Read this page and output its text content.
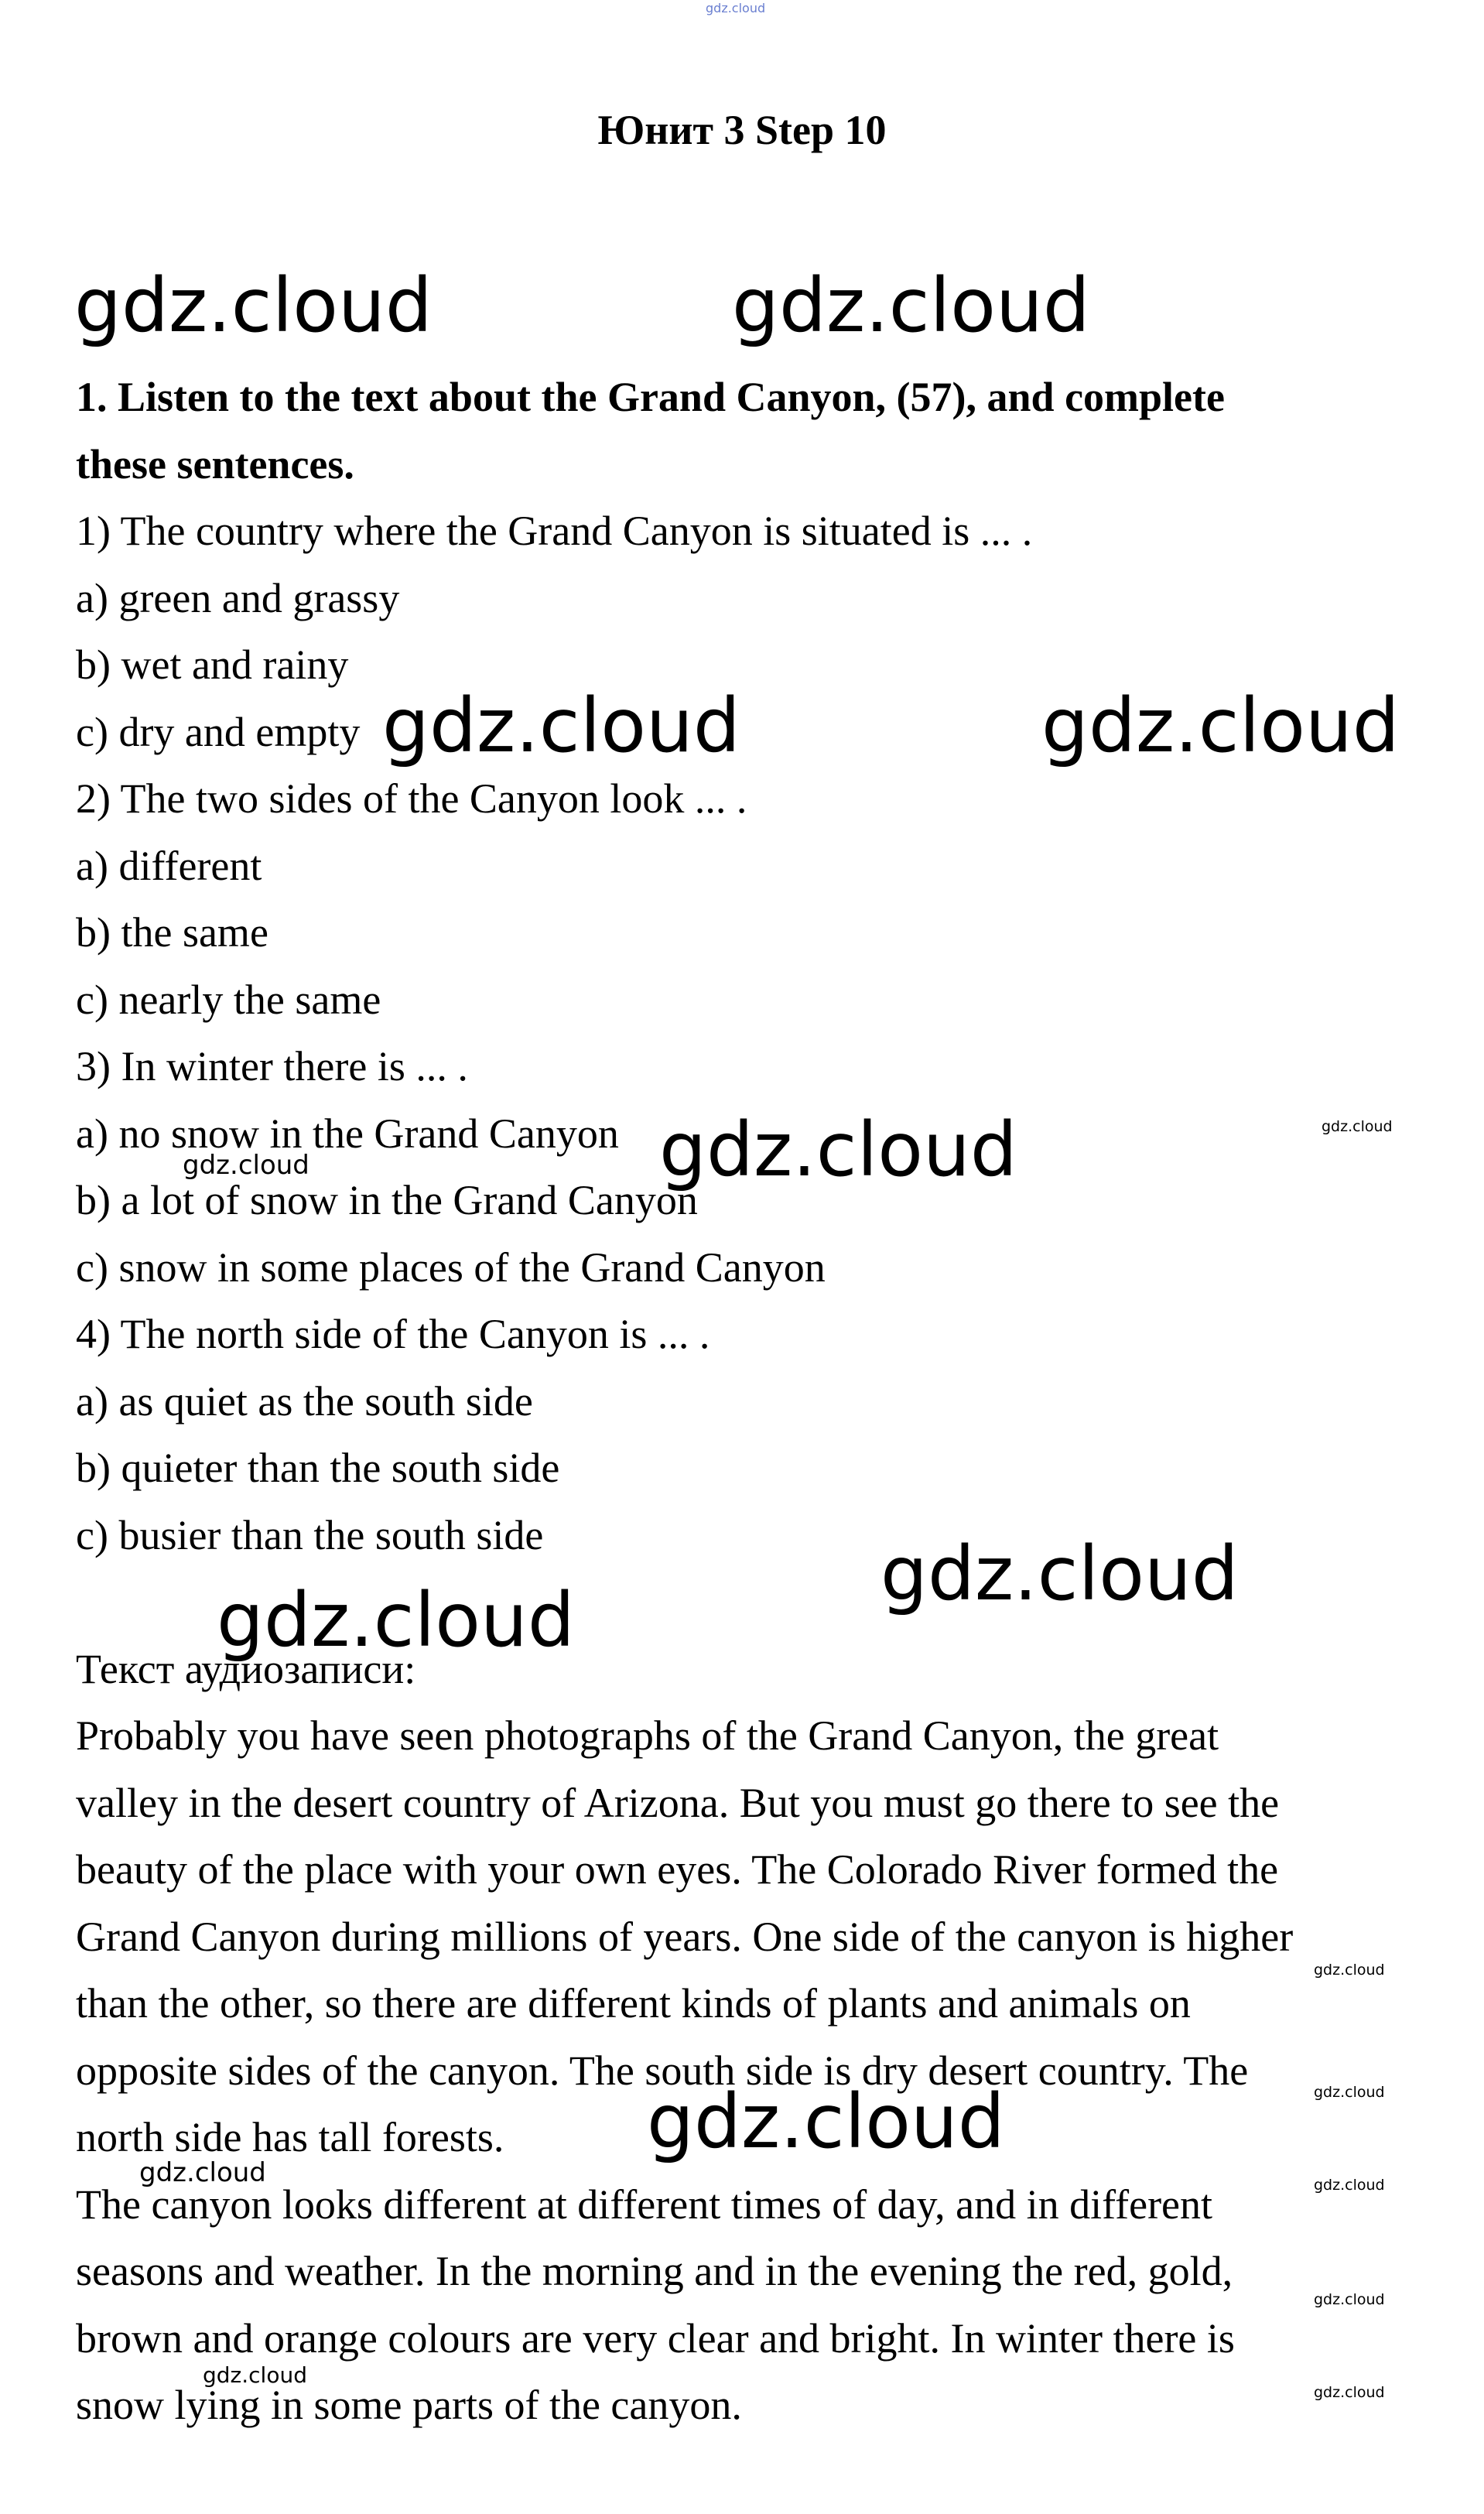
Юнит 3 Step 10
1. Listen to the text about the Grand Canyon, (57), and complete
these sentences.
1) The country where the Grand Canyon is situated is ... .
a) green and grassy
b) wet and rainy
c) dry and empty
2) The two sides of the Canyon look ... .
a) different
b) the same
c) nearly the same
3) In winter there is ... .
a) no snow in the Grand Canyon
b) a lot of snow in the Grand Canyon
c) snow in some places of the Grand Canyon
4) The north side of the Canyon is ... .
a) as quiet as the south side
b) quieter than the south side
c) busier than the south side
Текст аудиозаписи:
Probably you have seen photographs of the Grand Canyon, the great
valley in the desert country of Arizona. But you must go there to see the
beauty of the place with your own eyes. The Colorado River formed the
Grand Canyon during millions of years. One side of the canyon is higher
than the other, so there are different kinds of plants and animals on
opposite sides of the canyon. The south side is dry desert country. The
north side has tall forests.
The canyon looks different at different times of day, and in different
seasons and weather. In the morning and in the evening the red, gold,
brown and orange colours are very clear and bright. In winter there is
snow lying in some parts of the canyon.
gdz.cloud
gdz.cloud	gdz.cloud
gdz.cloud	gdz.cloud
gdz.cloud
gdz.cloud
gdz.cloud
gdz.cloud
gdz.cloud
gdz.cloud
gdz.cloud
gdz.cloud
gdz.cloud
gdz.cloud
gdz.cloud
gdz.cloud
gdz.cloud
